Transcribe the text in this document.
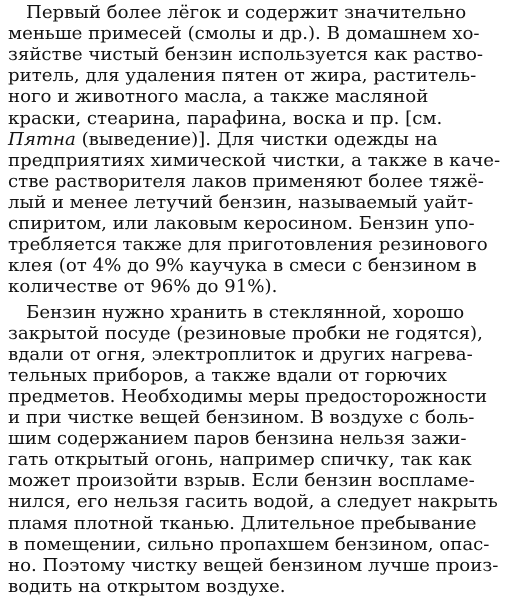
Первый более лёгок и содержит значительно
меньше примесей (смолы и др.). В домашнем хо-
зяйстве чистый бензин используется как раство-
ритель, для удаления пятен от жира, раститель-
ного и животного масла, а также масляной
краски, стеарина, парафина, воска и пр. [см.
Пятна (выведение)]. Для чистки одежды на
предприятиях химической чистки, а также в каче-
стве растворителя лаков применяют более тяжё-
лый и менее летучий бензин, называемый уайт-
спиритом, или лаковым керосином. Бензин упо-
требляется также для приготовления резинового
клея (от 4% до 9% каучука в смеси с бензином в
количестве от 96% до 91%).
Бензин нужно хранить в стеклянной, хорошо
закрытой посуде (резиновые пробки не годятся),
вдали от огня, электроплиток и других нагрева-
тельных приборов, а также вдали от горючих
предметов. Необходимы меры предосторожности
и при чистке вещей бензином. В воздухе с боль-
шим содержанием паров бензина нельзя зажи-
гать открытый огонь, например спичку, так как
может произойти взрыв. Если бензин воспламе-
нился, его нельзя гасить водой, а следует накрыть
пламя плотной тканью. Длительное пребывание
в помещении, сильно пропахшем бензином, опас-
но. Поэтому чистку вещей бензином лучше произ-
водить на открытом воздухе.
